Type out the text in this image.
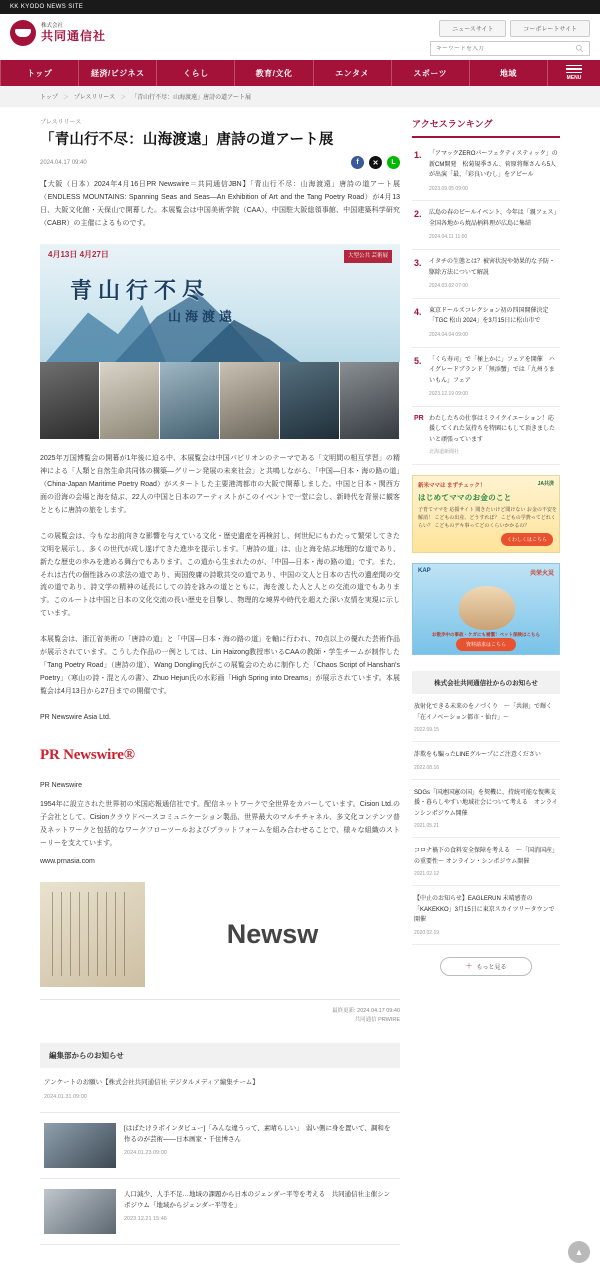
KK KYODO NEWS SITE
株式会社
共同通信社	ニュースサイト	コーポレートサイト
キーワードを入力
トップ	経済/ビジネス	くらし	教育/文化	エンタメ	スポーツ	地域
MENU
トップ ＞ プレスリリース ＞ 「青山行不尽：山海渡遠」唐詩の道アート展
プレスリリース
「青山行不尽：山海渡遠」唐詩の道アート展
2024.04.17 09:40	f	✕	L
【大阪（日本）2024年4月16日PR Newswire＝共同通信JBN】「青山行不尽：山海渡遠」唐詩の道アート展（ENDLESS MOUNTAINS: Spanning Seas and Seas―An Exhibition of Art and the Tang Poetry Road）が4月13日、大阪文化館・天保山で開幕した。本展覧会は中国美術学院（CAA）、中国駐大阪総領事館、中国建築科学研究（CABR）の主催によるものです。
4月13日 4月27日	大型公共 芸術展
青山行不尽
山海渡遠
2025年万国博覧会の開幕が1年後に迫る中、本展覧会は中国パビリオンのテーマである「文明間の相互学習」の精神による「人類と自然生命共同体の構築―グリーン発展の未来社会」と共鳴しながら、「中国―日本・海の路の道」（China-Japan Maritime Poetry Road）がスタートした主要港湾都市の大阪で開幕しました。中国と日本・関西方面の沿海の会場と海を結ぶ、22人の中国と日本のアーティストがこのイベントで一堂に会し、新時代を背景に観客とともに唐詩の旅をします。
この展覧会は、今もなお前向きな影響を与えている文化・歴史遺産を再検討し、何世紀にもわたって繁栄してきた文明を展示し、多くの世代が成し遂げてきた進歩を提示します。「唐詩の道」は、山と海を結ぶ地理的な道であり、新たな歴史の歩みを進める舞台でもあります。この道から生まれたのが、「中国―日本・海の路の道」です。また、それは古代の個性詠みの求法の道であり、両国俊庸の詩歌共交の道であり、中国の文人と日本の古代の遺産間の交流の道であり、詩文学の精神の延長にしての詩を詠みの道とともに、海を渡した人と人との交流の道でもあります。このルートは中国と日本の文化交流の長い歴史を目撃し、物理的な境界や時代を超えた深い友情を実現に示しています。
本展覧会は、浙江省美術の「唐詩の道」と「中国―日本・海の路の道」を軸に行われ、70点以上の優れた芸術作品が展示されています。こうした作品の一例としては、Lin Haizong教授率いるCAAの教師・学生チームが制作した「Tang Poetry Road」（唐詩の道）、Wang Dongling氏がこの展覧会のために制作した「Chaos Script of Hanshan's Poetry」（寒山の詩・混とんの書）、Zhuo Hejun氏の水彩画「High Spring into Dreams」が展示されています。本展覧会は4月13日から27日までの開催です。
PR Newswire Asia Ltd.
PR Newswire®
PR Newswire
1954年に設立された世界初の米国応報通信社です。配信ネットワークで全世界をカバーしています。Cision Ltd.の子会社として、Cisionクラウドベースコミュニケーション製品、世界最大のマルチチャネル、多文化コンテンツ普及ネットワークと包括的なワークフローツールおよびプラットフォームを組み合わせることで、様々な組織のストーリーを支えています。
www.prnasia.com
Newsw
最終更新: 2024.04.17 09:40
共同通信 PRWIRE
編集部からのお知らせ
アンケートのお願い【株式会社共同通信社 デジタルメディア編集チーム】
2024.01.31 09:00
[はばたけラボインタビュー]「みんな違うって、素晴らしい」　弱い側に身を置いて、調和を作るのが芸術――日本画家・千住博さん
2024.01.23 09:00
人口減少、人手不足…地域の課題から日本のジェンダー平等を考える　共同通信社主催シンポジウム「地域からジェンダー平等を」
2023.12.21 15:46
アクセスランキング
1. 「アマックZEROパーフェクティスティック」の新CM開発　松菊規季さん、菅原将輝さんら5人が出演「最、「彩良いむし」をアピール
2023.09.05 09:00
2. 広島の春のビールイベント、今年は「親フェス」　全国各地から焼品柄料理が広島に集結
2024.04.11 11:00
3. イタチの生態とは？被害状況や効果的な予防・駆除方法について解説
2024.03.02 07:00
4. 東京ドールズコレクション初の四国開催決定「TGC 松山 2024」を3月15日に松山市で
2024.04.04 09:00
5. 「くら寿司」で「極上かに」フェアを開催　ハイグレードブランド「無添蟹」では「九州うまいもん」フェア
2023.12.19 09:00
PR わたしたちの仕事はミライクイエーション！応援してくれた気持ちを特園にもして頂きましたいと頑張っています
北海道新聞社
新米ママは まずチェック！	JA共済
はじめてママのお金のこと
子育てママを 応援サイト 聞きたいけど聞けない お金の不安を解消！ こどもの出産、どうすれば？ こどもの学費ってどれくらい？ こどものデキ事ってどのくらいかかるの？
くわしくはこちら
KAP	共栄火災
お散歩中の事故・ケガにも補償！ペット保険はこちら
資料請求はこちら
株式会社共同通信社からのお知らせ
放射化できる未来のをノづくり　～「共創」で輝く「在イノベーション都市・仙台」～
2022.09.15
詐欺をも騙ったLINEグループにご注意ください
2022.08.16
SDGs「国連国憲の国」を契機に、持続可能な復興支援・暮らしやすい地域社会について考える　オンラインシンポジウム開催
2021.05.21
コロナ禍下の食料安全保障を考える　～「国消国産」の重要性～ オンライン・シンポジウム開催
2021.02.12
【中止のお知らせ】EAGLERUN 未晴感査の「KAKEKKO」3月15日に東京スカイツリータウンで開催
2020.02.19
＋ もっと見る
▲
